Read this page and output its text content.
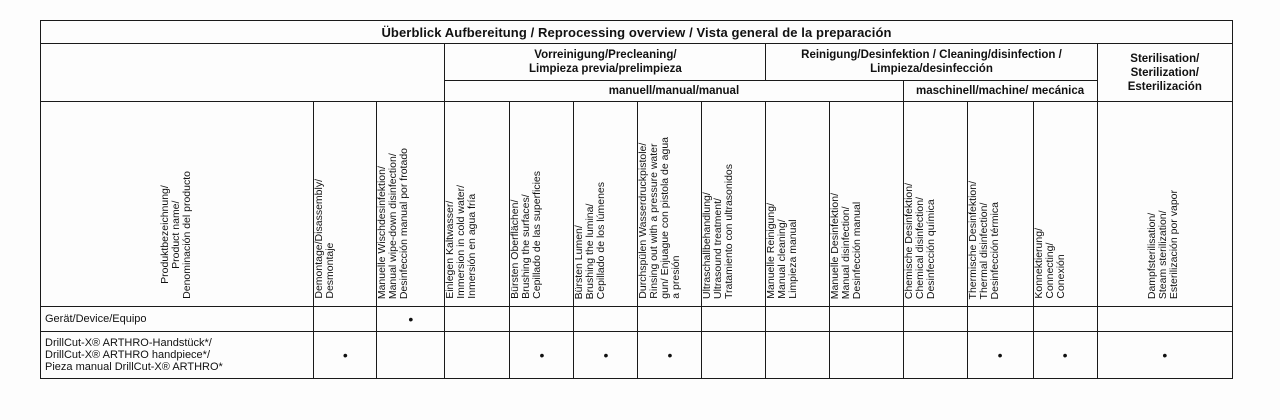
Überblick Aufbereitung / Reprocessing overview / Vista general de la preparación													
			Vorreinigung/Precleaning/
Limpieza previa/prelimpieza					Reinigung/Desinfektion / Cleaning/disinfection /
Limpieza/desinfección					Sterilisation/
Sterilization/
Esterilización
			manuell/manual/manual							maschinell/machine/ mecánica			
Produktbezeichnung/
Product name/
Denominación del producto	Demontage/Disassembly/
Desmontaje	Manuelle Wischdesinfektion/
Manual wipe-down disinfection/
Desinfección manual por frotado	Einlegen Kaltwasser/
Immersion in cold water/
Inmersión en agua fría	Bürsten Oberflächen/
Brushing the surfaces/
Cepillado de las superficies	Bürsten Lumen/
Brushing the lumina/
Cepillado de los lúmenes	Durchspülen Wasserdruckpistole/
Rinsing out with a pressure water
gun/ Enjuague con pistola de agua
a presión	Ultraschallbehandlung/
Ultrasound treatment/
Tratamiento con ultrasonidos	Manuelle Reinigung/
Manual cleaning/
Limpieza manual	Manuelle Desinfektion/
Manual disinfection/
Desinfección manual	Chemische Desinfektion/
Chemical disinfection/
Desinfección química	Thermische Desinfektion/
Thermal disinfection/
Desinfección térmica	Konnektierung/
Connecting/
Conexión	Dampfsterilisation/
Steam sterilization/
Esterilización por vapor
Gerät/Device/Equipo		•											
DrillCut-X® ARTHRO-Handstück*/
DrillCut-X® ARTHRO handpiece*/
Pieza manual DrillCut-X® ARTHRO*	•			•	•	•					•	•	•
